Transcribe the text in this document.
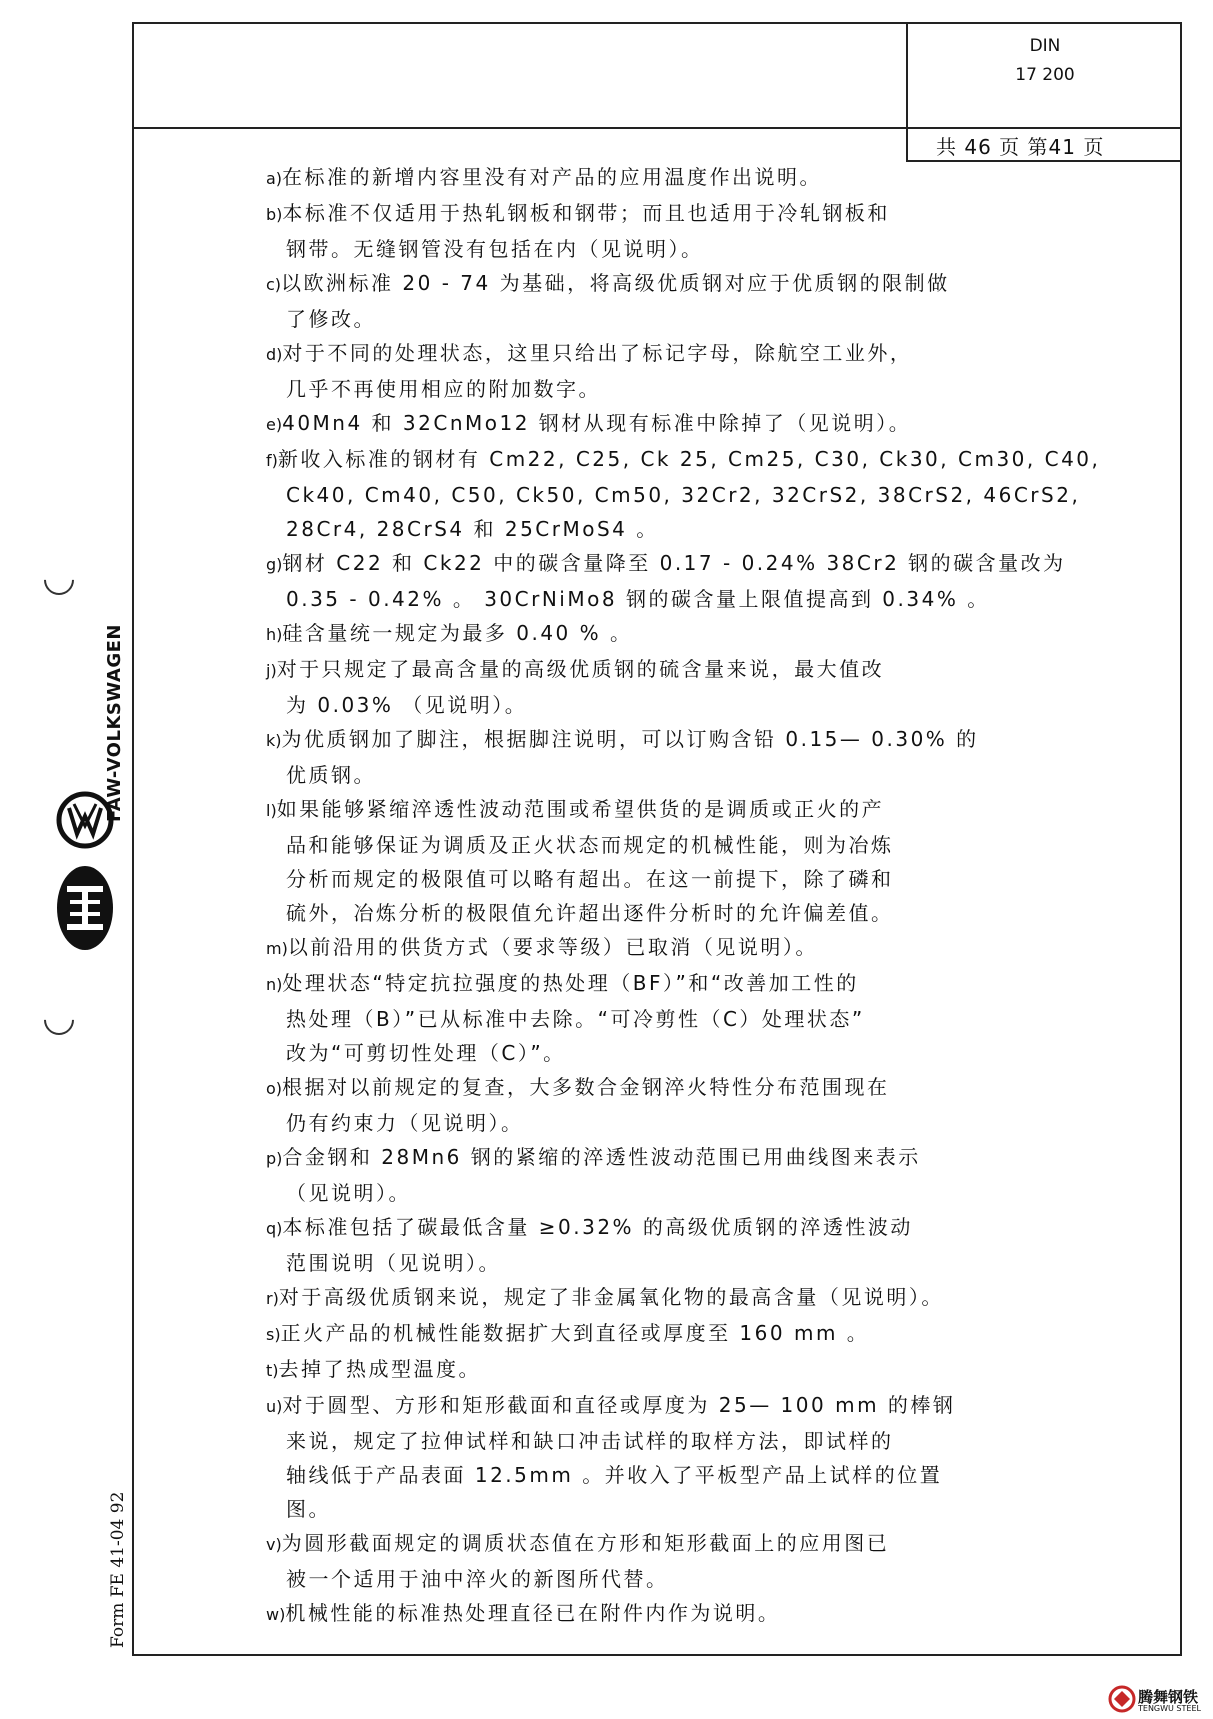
DIN
17 200
共 46 页 第41 页
a)在标准的新增内容里没有对产品的应用温度作出说明。
b)本标准不仅适用于热轧钢板和钢带；而且也适用于冷轧钢板和
钢带。无缝钢管没有包括在内（见说明）。
c)以欧洲标准 20 - 74 为基础，将高级优质钢对应于优质钢的限制做
了修改。
d)对于不同的处理状态，这里只给出了标记字母，除航空工业外，
几乎不再使用相应的附加数字。
e)40Mn4 和 32CnMo12 钢材从现有标准中除掉了（见说明）。
f)新收入标准的钢材有 Cm22, C25, Ck 25, Cm25, C30, Ck30, Cm30, C40,
Ck40, Cm40, C50, Ck50, Cm50, 32Cr2, 32CrS2, 38CrS2, 46CrS2,
28Cr4, 28CrS4 和 25CrMoS4 。
g)钢材 C22 和 Ck22 中的碳含量降至 0.17 - 0.24% 38Cr2 钢的碳含量改为
0.35 - 0.42% 。 30CrNiMo8 钢的碳含量上限值提高到 0.34% 。
h)硅含量统一规定为最多 0.40 % 。
j)对于只规定了最高含量的高级优质钢的硫含量来说，最大值改
为 0.03% （见说明）。
k)为优质钢加了脚注，根据脚注说明，可以订购含铅 0.15— 0.30% 的
优质钢。
l)如果能够紧缩淬透性波动范围或希望供货的是调质或正火的产
品和能够保证为调质及正火状态而规定的机械性能，则为冶炼
分析而规定的极限值可以略有超出。在这一前提下，除了磷和
硫外，冶炼分析的极限值允许超出逐件分析时的允许偏差值。
m)以前沿用的供货方式（要求等级）已取消（见说明）。
n)处理状态“特定抗拉强度的热处理（BF）”和“改善加工性的
热处理（B）”已从标准中去除。“可冷剪性（C）处理状态”
改为“可剪切性处理（C）”。
o)根据对以前规定的复查，大多数合金钢淬火特性分布范围现在
仍有约束力（见说明）。
p)合金钢和 28Mn6 钢的紧缩的淬透性波动范围已用曲线图来表示
（见说明）。
q)本标准包括了碳最低含量 ≥0.32% 的高级优质钢的淬透性波动
范围说明（见说明）。
r)对于高级优质钢来说，规定了非金属氧化物的最高含量（见说明）。
s)正火产品的机械性能数据扩大到直径或厚度至 160 mm 。
t)去掉了热成型温度。
u)对于圆型、方形和矩形截面和直径或厚度为 25— 100 mm 的棒钢
来说，规定了拉伸试样和缺口冲击试样的取样方法，即试样的
轴线低于产品表面 12.5mm 。并收入了平板型产品上试样的位置
图。
v)为圆形截面规定的调质状态值在方形和矩形截面上的应用图已
被一个适用于油中淬火的新图所代替。
w)机械性能的标准热处理直径已在附件内作为说明。
FAW-VOLKSWAGEN
Form FE 41-04 92
腾舞钢铁
TENGWU STEEL
